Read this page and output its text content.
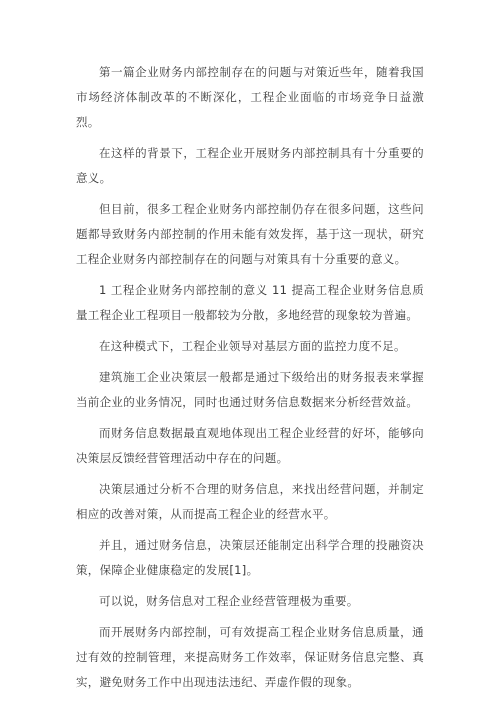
第一篇企业财务内部控制存在的问题与对策近些年，随着我国市场经济体制改革的不断深化，工程企业面临的市场竞争日益激烈。

在这样的背景下，工程企业开展财务内部控制具有十分重要的意义。

但目前，很多工程企业财务内部控制仍存在很多问题，这些问题都导致财务内部控制的作用未能有效发挥，基于这一现状，研究工程企业财务内部控制存在的问题与对策具有十分重要的意义。

1 工程企业财务内部控制的意义 11 提高工程企业财务信息质量工程企业工程项目一般都较为分散，多地经营的现象较为普遍。

在这种模式下，工程企业领导对基层方面的监控力度不足。

建筑施工企业决策层一般都是通过下级给出的财务报表来掌握当前企业的业务情况，同时也通过财务信息数据来分析经营效益。

而财务信息数据最直观地体现出工程企业经营的好坏，能够向决策层反馈经营管理活动中存在的问题。

决策层通过分析不合理的财务信息，来找出经营问题，并制定相应的改善对策，从而提高工程企业的经营水平。

并且，通过财务信息，决策层还能制定出科学合理的投融资决策，保障企业健康稳定的发展[1]。

可以说，财务信息对工程企业经营管理极为重要。

而开展财务内部控制，可有效提高工程企业财务信息质量，通过有效的控制管理，来提高财务工作效率，保证财务信息完整、真实，避免财务工作中出现违法违纪、弄虚作假的现象。
